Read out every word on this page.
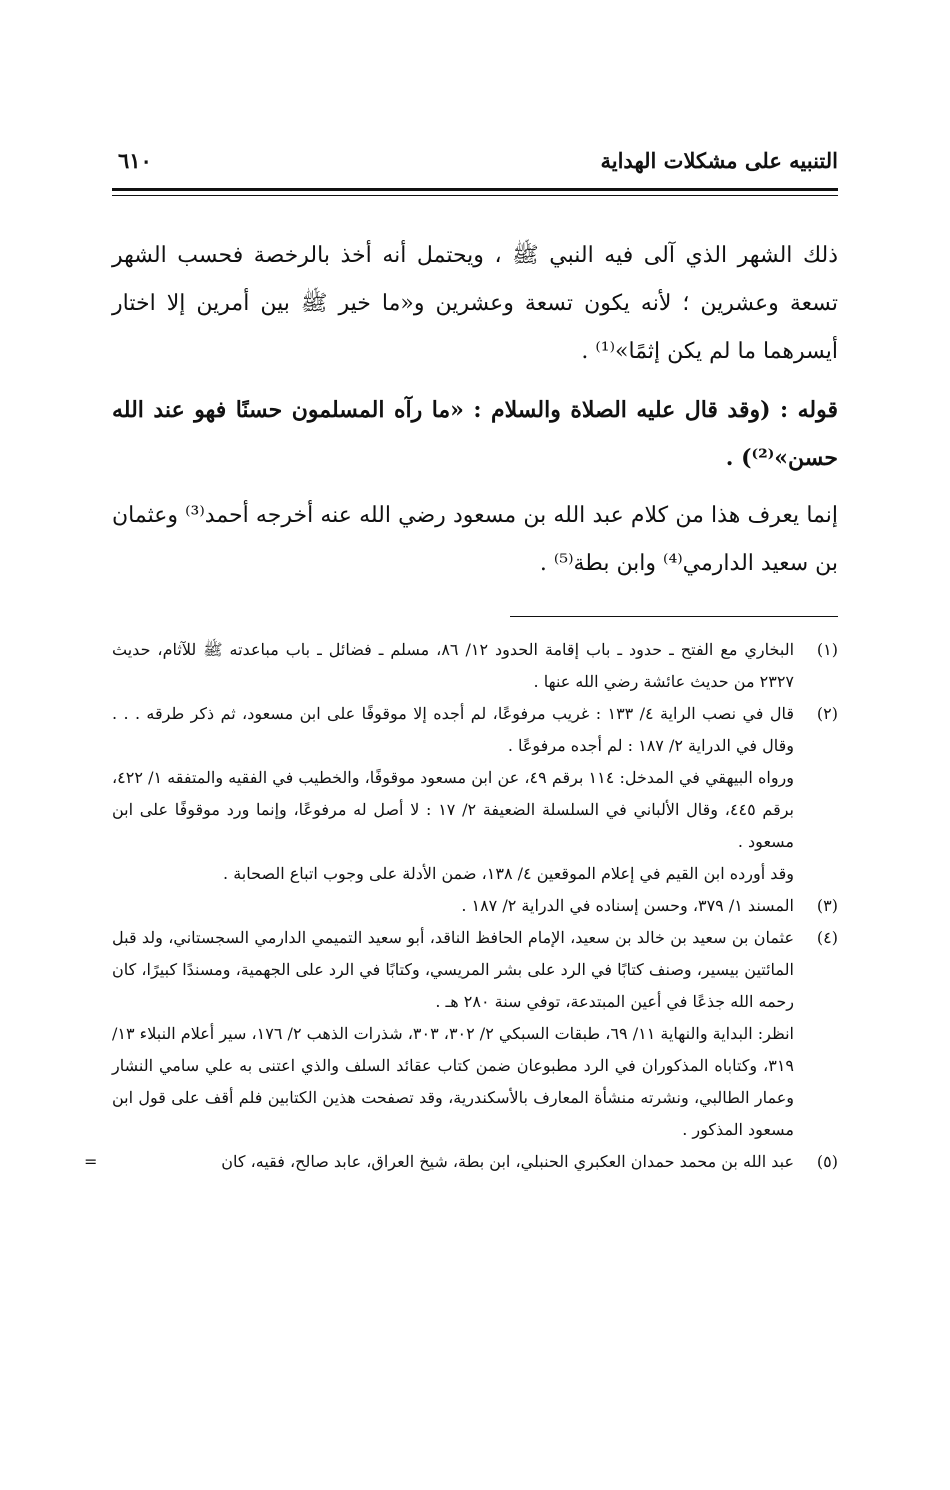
التنبيه على مشكلات الهداية
٦١٠

ذلك الشهر الذي آلى فيه النبي ﷺ ، ويحتمل أنه أخذ بالرخصة فحسب الشهر تسعة وعشرين ؛ لأنه يكون تسعة وعشرين و«ما خير ﷺ بين أمرين إلا اختار أيسرهما ما لم يكن إثمًا»⁽¹⁾ .

قوله : (وقد قال عليه الصلاة والسلام : «ما رآه المسلمون حسنًا فهو عند الله حسن»⁽²⁾) .

إنما يعرف هذا من كلام عبد الله بن مسعود رضي الله عنه أخرجه أحمد⁽³⁾ وعثمان بن سعيد الدارمي⁽⁴⁾ وابن بطة⁽⁵⁾ .

(١)
البخاري مع الفتح ـ حدود ـ باب إقامة الحدود ١٢/ ٨٦، مسلم ـ فضائل ـ باب مباعدته ﷺ للآثام، حديث ٢٣٢٧ من حديث عائشة رضي الله عنها .
(٢)
قال في نصب الراية ٤/ ١٣٣ : غريب مرفوعًا، لم أجده إلا موقوفًا على ابن مسعود، ثم ذكر طرقه . . . وقال في الدراية ٢/ ١٨٧ : لم أجده مرفوعًا .
ورواه البيهقي في المدخل: ١١٤ برقم ٤٩، عن ابن مسعود موقوفًا، والخطيب في الفقيه والمتفقه ١/ ٤٢٢، برقم ٤٤٥، وقال الألباني في السلسلة الضعيفة ٢/ ١٧ : لا أصل له مرفوعًا، وإنما ورد موقوفًا على ابن مسعود .
وقد أورده ابن القيم في إعلام الموقعين ٤/ ١٣٨، ضمن الأدلة على وجوب اتباع الصحابة .
(٣)
المسند ١/ ٣٧٩، وحسن إسناده في الدراية ٢/ ١٨٧ .
(٤)
عثمان بن سعيد بن خالد بن سعيد، الإمام الحافظ الناقد، أبو سعيد التميمي الدارمي السجستاني، ولد قبل المائتين بيسير، وصنف كتابًا في الرد على بشر المريسي، وكتابًا في الرد على الجهمية، ومسندًا كبيرًا، كان رحمه الله جذعًا في أعين المبتدعة، توفي سنة ٢٨٠ هـ .
انظر: البداية والنهاية ١١/ ٦٩، طبقات السبكي ٢/ ٣٠٢، ٣٠٣، شذرات الذهب ٢/ ١٧٦، سير أعلام النبلاء ١٣/ ٣١٩، وكتاباه المذكوران في الرد مطبوعان ضمن كتاب عقائد السلف والذي اعتنى به علي سامي النشار وعمار الطالبي، ونشرته منشأة المعارف بالأسكندرية، وقد تصفحت هذين الكتابين فلم أقف على قول ابن مسعود المذكور .
(٥)
عبد الله بن محمد حمدان العكبري الحنبلي، ابن بطة، شيخ العراق، عابد صالح، فقيه، كان
=
